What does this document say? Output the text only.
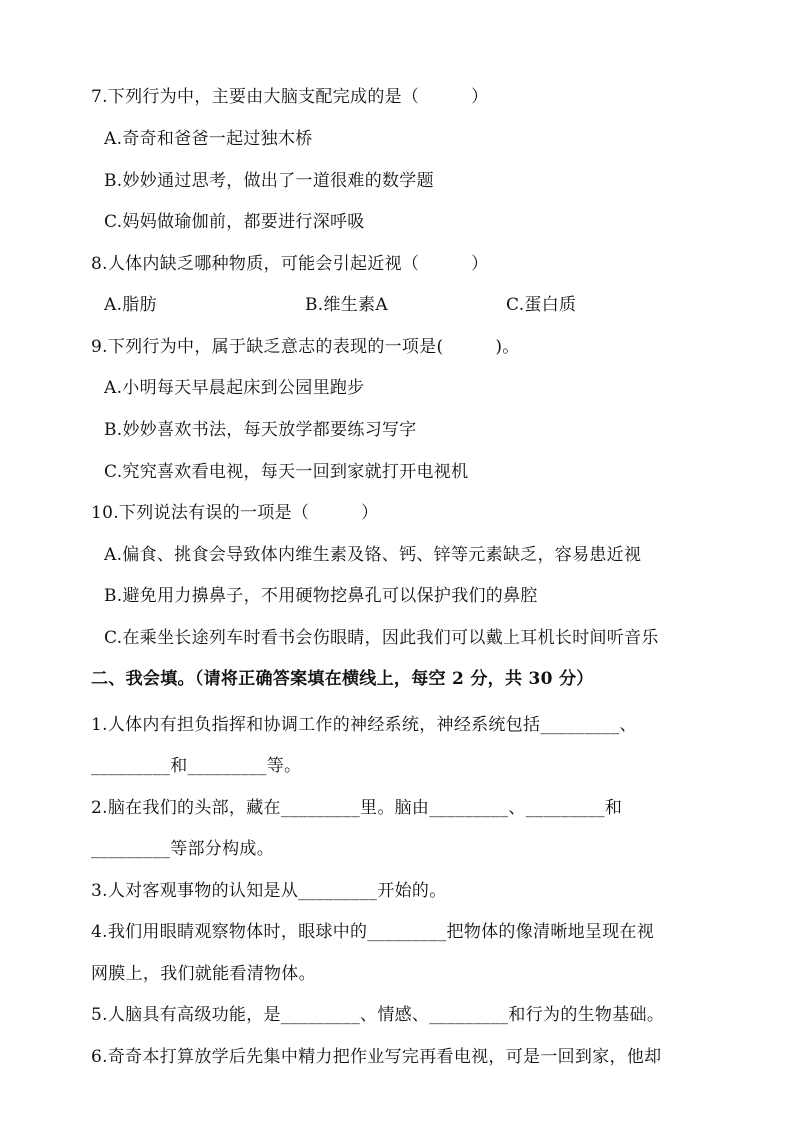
7.下列行为中，主要由大脑支配完成的是（　　　）
A.奇奇和爸爸一起过独木桥
B.妙妙通过思考，做出了一道很难的数学题
C.妈妈做瑜伽前，都要进行深呼吸
8.人体内缺乏哪种物质，可能会引起近视（　　　）
A.脂肪	B.维生素A	C.蛋白质
9.下列行为中，属于缺乏意志的表现的一项是(　　　)。
A.小明每天早晨起床到公园里跑步
B.妙妙喜欢书法，每天放学都要练习写字
C.究究喜欢看电视，每天一回到家就打开电视机
10.下列说法有误的一项是（　　　）
A.偏食、挑食会导致体内维生素及铬、钙、锌等元素缺乏，容易患近视
B.避免用力擤鼻子，不用硬物挖鼻孔可以保护我们的鼻腔
C.在乘坐长途列车时看书会伤眼睛，因此我们可以戴上耳机长时间听音乐
二、我会填。（请将正确答案填在横线上，每空 2 分，共 30 分）
1.人体内有担负指挥和协调工作的神经系统，神经系统包括_________、
_________和_________等。
2.脑在我们的头部，藏在_________里。脑由_________、_________和
_________等部分构成。
3.人对客观事物的认知是从_________开始的。
4.我们用眼睛观察物体时，眼球中的_________把物体的像清晰地呈现在视
网膜上，我们就能看清物体。
5.人脑具有高级功能，是_________、情感、_________和行为的生物基础。
6.奇奇本打算放学后先集中精力把作业写完再看电视，可是一回到家，他却
